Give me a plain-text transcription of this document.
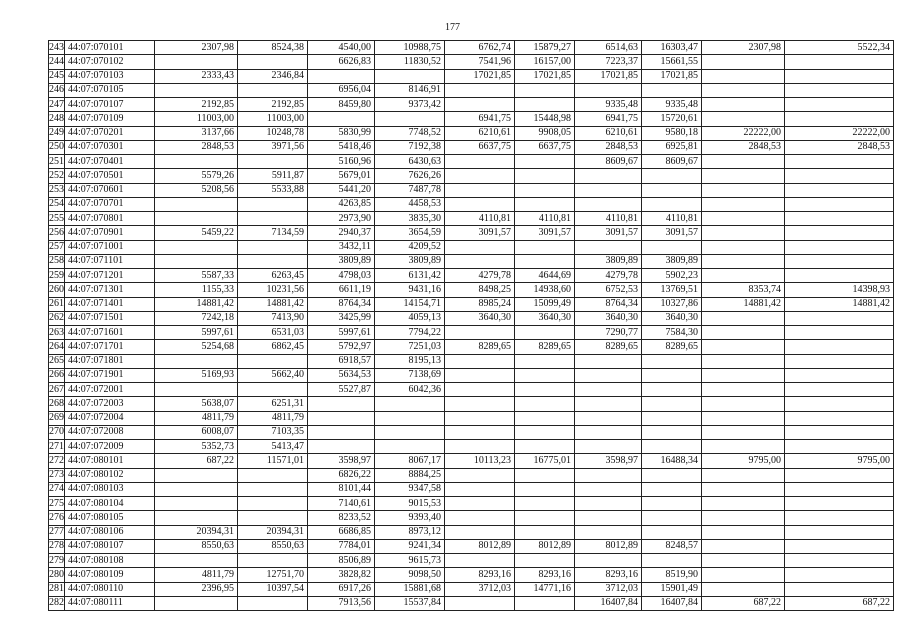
177
243	44:07:070101	2307,98	8524,38	4540,00	10988,75	6762,74	15879,27	6514,63	16303,47	2307,98	5522,34
244	44:07:070102			6626,83	11830,52	7541,96	16157,00	7223,37	15661,55		
245	44:07:070103	2333,43	2346,84			17021,85	17021,85	17021,85	17021,85		
246	44:07:070105			6956,04	8146,91						
247	44:07:070107	2192,85	2192,85	8459,80	9373,42			9335,48	9335,48		
248	44:07:070109	11003,00	11003,00			6941,75	15448,98	6941,75	15720,61		
249	44:07:070201	3137,66	10248,78	5830,99	7748,52	6210,61	9908,05	6210,61	9580,18	22222,00	22222,00
250	44:07:070301	2848,53	3971,56	5418,46	7192,38	6637,75	6637,75	2848,53	6925,81	2848,53	2848,53
251	44:07:070401			5160,96	6430,63			8609,67	8609,67		
252	44:07:070501	5579,26	5911,87	5679,01	7626,26						
253	44:07:070601	5208,56	5533,88	5441,20	7487,78						
254	44:07:070701			4263,85	4458,53						
255	44:07:070801			2973,90	3835,30	4110,81	4110,81	4110,81	4110,81		
256	44:07:070901	5459,22	7134,59	2940,37	3654,59	3091,57	3091,57	3091,57	3091,57		
257	44:07:071001			3432,11	4209,52						
258	44:07:071101			3809,89	3809,89			3809,89	3809,89		
259	44:07:071201	5587,33	6263,45	4798,03	6131,42	4279,78	4644,69	4279,78	5902,23		
260	44:07:071301	1155,33	10231,56	6611,19	9431,16	8498,25	14938,60	6752,53	13769,51	8353,74	14398,93
261	44:07:071401	14881,42	14881,42	8764,34	14154,71	8985,24	15099,49	8764,34	10327,86	14881,42	14881,42
262	44:07:071501	7242,18	7413,90	3425,99	4059,13	3640,30	3640,30	3640,30	3640,30		
263	44:07:071601	5997,61	6531,03	5997,61	7794,22			7290,77	7584,30		
264	44:07:071701	5254,68	6862,45	5792,97	7251,03	8289,65	8289,65	8289,65	8289,65		
265	44:07:071801			6918,57	8195,13						
266	44:07:071901	5169,93	5662,40	5634,53	7138,69						
267	44:07:072001			5527,87	6042,36						
268	44:07:072003	5638,07	6251,31								
269	44:07:072004	4811,79	4811,79								
270	44:07:072008	6008,07	7103,35								
271	44:07:072009	5352,73	5413,47								
272	44:07:080101	687,22	11571,01	3598,97	8067,17	10113,23	16775,01	3598,97	16488,34	9795,00	9795,00
273	44:07:080102			6826,22	8884,25						
274	44:07:080103			8101,44	9347,58						
275	44:07:080104			7140,61	9015,53						
276	44:07:080105			8233,52	9393,40						
277	44:07:080106	20394,31	20394,31	6686,85	8973,12						
278	44:07:080107	8550,63	8550,63	7784,01	9241,34	8012,89	8012,89	8012,89	8248,57		
279	44:07:080108			8506,89	9615,73						
280	44:07:080109	4811,79	12751,70	3828,82	9098,50	8293,16	8293,16	8293,16	8519,90		
281	44:07:080110	2396,95	10397,54	6917,26	15881,68	3712,03	14771,16	3712,03	15901,49		
282	44:07:080111			7913,56	15537,84			16407,84	16407,84	687,22	687,22
